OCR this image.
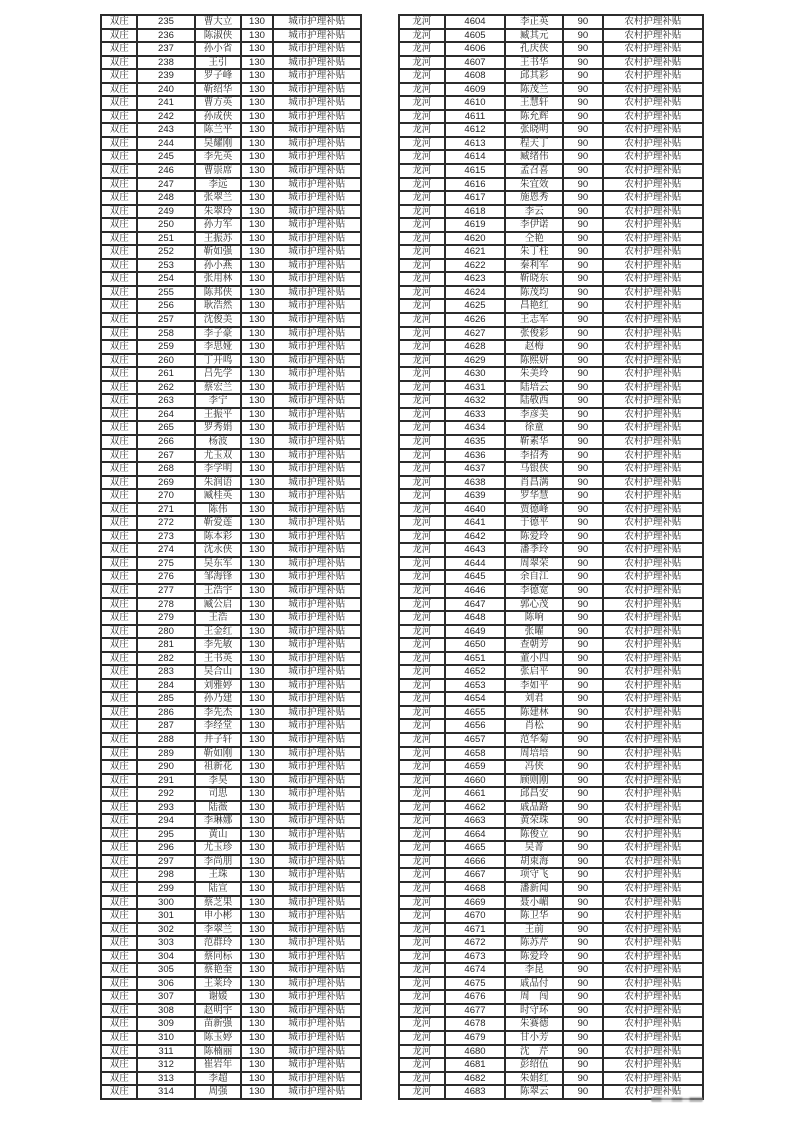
双庄	235	曹大立	130	城市护理补贴
双庄	236	陈淑侠	130	城市护理补贴
双庄	237	孙小省	130	城市护理补贴
双庄	238	王引	130	城市护理补贴
双庄	239	罗子峰	130	城市护理补贴
双庄	240	靳绍华	130	城市护理补贴
双庄	241	曹方英	130	城市护理补贴
双庄	242	孙成侠	130	城市护理补贴
双庄	243	陈兰平	130	城市护理补贴
双庄	244	吴耀刚	130	城市护理补贴
双庄	245	李先英	130	城市护理补贴
双庄	246	曹崇席	130	城市护理补贴
双庄	247	李远	130	城市护理补贴
双庄	248	张翠兰	130	城市护理补贴
双庄	249	朱翠玲	130	城市护理补贴
双庄	250	孙力军	130	城市护理补贴
双庄	251	王振苏	130	城市护理补贴
双庄	252	靳如强	130	城市护理补贴
双庄	253	孙小燕	130	城市护理补贴
双庄	254	张用林	130	城市护理补贴
双庄	255	陈邦侠	130	城市护理补贴
双庄	256	耿浩然	130	城市护理补贴
双庄	257	沈俊美	130	城市护理补贴
双庄	258	李子豪	130	城市护理补贴
双庄	259	李思娅	130	城市护理补贴
双庄	260	丁开鸣	130	城市护理补贴
双庄	261	吕先学	130	城市护理补贴
双庄	262	蔡宏兰	130	城市护理补贴
双庄	263	李宁	130	城市护理补贴
双庄	264	王振平	130	城市护理补贴
双庄	265	罗秀娟	130	城市护理补贴
双庄	266	杨波	130	城市护理补贴
双庄	267	尤玉双	130	城市护理补贴
双庄	268	李学明	130	城市护理补贴
双庄	269	朱润语	130	城市护理补贴
双庄	270	臧桂英	130	城市护理补贴
双庄	271	陈伟	130	城市护理补贴
双庄	272	靳爱莲	130	城市护理补贴
双庄	273	陈本彩	130	城市护理补贴
双庄	274	沈永侠	130	城市护理补贴
双庄	275	吴东军	130	城市护理补贴
双庄	276	邹海锋	130	城市护理补贴
双庄	277	王浩宇	130	城市护理补贴
双庄	278	臧公启	130	城市护理补贴
双庄	279	王浩	130	城市护理补贴
双庄	280	王金红	130	城市护理补贴
双庄	281	李先敏	130	城市护理补贴
双庄	282	王书英	130	城市护理补贴
双庄	283	吴合山	130	城市护理补贴
双庄	284	刘雅婷	130	城市护理补贴
双庄	285	孙乃建	130	城市护理补贴
双庄	286	李先杰	130	城市护理补贴
双庄	287	李经堂	130	城市护理补贴
双庄	288	井子轩	130	城市护理补贴
双庄	289	靳如刚	130	城市护理补贴
双庄	290	祖新花	130	城市护理补贴
双庄	291	李昊	130	城市护理补贴
双庄	292	司思	130	城市护理补贴
双庄	293	陆薇	130	城市护理补贴
双庄	294	李琳娜	130	城市护理补贴
双庄	295	黄山	130	城市护理补贴
双庄	296	尤玉珍	130	城市护理补贴
双庄	297	李尚朋	130	城市护理补贴
双庄	298	王珠	130	城市护理补贴
双庄	299	陆宣	130	城市护理补贴
双庄	300	蔡芝果	130	城市护理补贴
双庄	301	申小彬	130	城市护理补贴
双庄	302	李翠兰	130	城市护理补贴
双庄	303	范群玲	130	城市护理补贴
双庄	304	蔡同标	130	城市护理补贴
双庄	305	蔡艳奎	130	城市护理补贴
双庄	306	王莱玲	130	城市护理补贴
双庄	307	谢媛	130	城市护理补贴
双庄	308	赵明宇	130	城市护理补贴
双庄	309	苗新强	130	城市护理补贴
双庄	310	陈玉婷	130	城市护理补贴
双庄	311	陈楠丽	130	城市护理补贴
双庄	312	崔岩年	130	城市护理补贴
双庄	313	李超	130	城市护理补贴
双庄	314	周强	130	城市护理补贴
龙河	4604	李正英	90	农村护理补贴
龙河	4605	臧其元	90	农村护理补贴
龙河	4606	孔庆侠	90	农村护理补贴
龙河	4607	王书华	90	农村护理补贴
龙河	4608	邱其彩	90	农村护理补贴
龙河	4609	陈茂兰	90	农村护理补贴
龙河	4610	王慧轩	90	农村护理补贴
龙河	4611	陈允辉	90	农村护理补贴
龙河	4612	张晓明	90	农村护理补贴
龙河	4613	程天丁	90	农村护理补贴
龙河	4614	臧绪伟	90	农村护理补贴
龙河	4615	孟召喜	90	农村护理补贴
龙河	4616	朱宜效	90	农村护理补贴
龙河	4617	施恩秀	90	农村护理补贴
龙河	4618	李云	90	农村护理补贴
龙河	4619	李伊诺	90	农村护理补贴
龙河	4620	仝艳	90	农村护理补贴
龙河	4621	朱丁柱	90	农村护理补贴
龙河	4622	秦利军	90	农村护理补贴
龙河	4623	靳晓东	90	农村护理补贴
龙河	4624	陈茂均	90	农村护理补贴
龙河	4625	昌艳红	90	农村护理补贴
龙河	4626	王志军	90	农村护理补贴
龙河	4627	张俊彩	90	农村护理补贴
龙河	4628	赵梅	90	农村护理补贴
龙河	4629	陈熙妍	90	农村护理补贴
龙河	4630	朱美玲	90	农村护理补贴
龙河	4631	陆培云	90	农村护理补贴
龙河	4632	陆敬西	90	农村护理补贴
龙河	4633	李彦美	90	农村护理补贴
龙河	4634	徐童	90	农村护理补贴
龙河	4635	靳素华	90	农村护理补贴
龙河	4636	李招秀	90	农村护理补贴
龙河	4637	马银侠	90	农村护理补贴
龙河	4638	肖昌满	90	农村护理补贴
龙河	4639	罗华慧	90	农村护理补贴
龙河	4640	贾德峰	90	农村护理补贴
龙河	4641	于德平	90	农村护理补贴
龙河	4642	陈爱玲	90	农村护理补贴
龙河	4643	潘季玲	90	农村护理补贴
龙河	4644	周翠荣	90	农村护理补贴
龙河	4645	余自江	90	农村护理补贴
龙河	4646	李德宽	90	农村护理补贴
龙河	4647	郭心茂	90	农村护理补贴
龙河	4648	陈响	90	农村护理补贴
龙河	4649	张曜	90	农村护理补贴
龙河	4650	查朝芳	90	农村护理补贴
龙河	4651	董小四	90	农村护理补贴
龙河	4652	张启平	90	农村护理补贴
龙河	4653	李如平	90	农村护理补贴
龙河	4654	刘君	90	农村护理补贴
龙河	4655	陈建林	90	农村护理补贴
龙河	4656	肖松	90	农村护理补贴
龙河	4657	范华菊	90	农村护理补贴
龙河	4658	周培培	90	农村护理补贴
龙河	4659	冯侠	90	农村护理补贴
龙河	4660	顾则刚	90	农村护理补贴
龙河	4661	邱昌安	90	农村护理补贴
龙河	4662	戚品路	90	农村护理补贴
龙河	4663	黄荣珠	90	农村护理补贴
龙河	4664	陈俊立	90	农村护理补贴
龙河	4665	吴菁	90	农村护理补贴
龙河	4666	胡束海	90	农村护理补贴
龙河	4667	项守飞	90	农村护理补贴
龙河	4668	潘新闻	90	农村护理补贴
龙河	4669	聂小嵋	90	农村护理补贴
龙河	4670	陈卫华	90	农村护理补贴
龙河	4671	王前	90	农村护理补贴
龙河	4672	陈苏芹	90	农村护理补贴
龙河	4673	陈爱玲	90	农村护理补贴
龙河	4674	李昆	90	农村护理补贴
龙河	4675	戚品付	90	农村护理补贴
龙河	4676	周　闯	90	农村护理补贴
龙河	4677	时守环	90	农村护理补贴
龙河	4678	朱赛德	90	农村护理补贴
龙河	4679	甘小芳	90	农村护理补贴
龙河	4680	沈　芹	90	农村护理补贴
龙河	4681	彭绍伍	90	农村护理补贴
龙河	4682	朱娟红	90	农村护理补贴
龙河	4683	陈翠云	90	农村护理补贴
